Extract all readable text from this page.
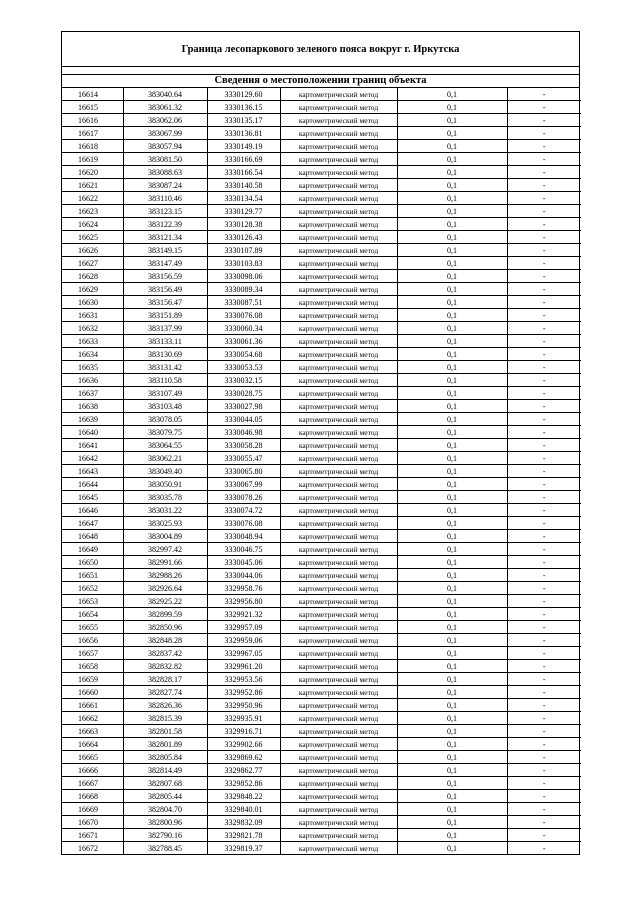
Граница лесопаркового зеленого пояса вокруг г. Иркутска
Сведения о местоположении границ объекта
16614	383040.64	3330129.60	картометрический метод	0,1	-
16615	383061.32	3330136.15	картометрический метод	0,1	-
16616	383062.06	3330135.17	картометрический метод	0,1	-
16617	383067.99	3330136.81	картометрический метод	0,1	-
16618	383057.94	3330149.19	картометрический метод	0,1	-
16619	383081.50	3330166.69	картометрический метод	0,1	-
16620	383088.63	3330166.54	картометрический метод	0,1	-
16621	383087.24	3330140.58	картометрический метод	0,1	-
16622	383110.46	3330134.54	картометрический метод	0,1	-
16623	383123.15	3330129.77	картометрический метод	0,1	-
16624	383122.39	3330128.38	картометрический метод	0,1	-
16625	383121.34	3330126.43	картометрический метод	0,1	-
16626	383149.15	3330107.89	картометрический метод	0,1	-
16627	383147.49	3330103.83	картометрический метод	0,1	-
16628	383156.59	3330098.06	картометрический метод	0,1	-
16629	383156.49	3330089.34	картометрический метод	0,1	-
16630	383156.47	3330087.51	картометрический метод	0,1	-
16631	383151.89	3330076.08	картометрический метод	0,1	-
16632	383137.99	3330060.34	картометрический метод	0,1	-
16633	383133.11	3330061.36	картометрический метод	0,1	-
16634	383130.69	3330054.68	картометрический метод	0,1	-
16635	383131.42	3330053.53	картометрический метод	0,1	-
16636	383110.58	3330032.15	картометрический метод	0,1	-
16637	383107.49	3330028.75	картометрический метод	0,1	-
16638	383103.48	3330027.98	картометрический метод	0,1	-
16639	383078.05	3330044.05	картометрический метод	0,1	-
16640	383079.75	3330046.98	картометрический метод	0,1	-
16641	383064.55	3330058.28	картометрический метод	0,1	-
16642	383062.21	3330055.47	картометрический метод	0,1	-
16643	383049.40	3330065.80	картометрический метод	0,1	-
16644	383050.91	3330067.99	картометрический метод	0,1	-
16645	383035.78	3330078.26	картометрический метод	0,1	-
16646	383031.22	3330074.72	картометрический метод	0,1	-
16647	383025.93	3330076.08	картометрический метод	0,1	-
16648	383004.89	3330048.94	картометрический метод	0,1	-
16649	382997.42	3330046.75	картометрический метод	0,1	-
16650	382991.66	3330045.06	картометрический метод	0,1	-
16651	382988.26	3330044.06	картометрический метод	0,1	-
16652	382926.64	3329958.76	картометрический метод	0,1	-
16653	382925.22	3329956.80	картометрический метод	0,1	-
16654	382899.59	3329921.32	картометрический метод	0,1	-
16655	382850.96	3329957.09	картометрический метод	0,1	-
16656	382848.28	3329959.06	картометрический метод	0,1	-
16657	382837.42	3329967.05	картометрический метод	0,1	-
16658	382832.82	3329961.20	картометрический метод	0,1	-
16659	382828.17	3329953.56	картометрический метод	0,1	-
16660	382827.74	3329952.86	картометрический метод	0,1	-
16661	382826.36	3329950.96	картометрический метод	0,1	-
16662	382815.39	3329935.91	картометрический метод	0,1	-
16663	382801.58	3329916.71	картометрический метод	0,1	-
16664	382801.89	3329902.66	картометрический метод	0,1	-
16665	382805.84	3329869.62	картометрический метод	0,1	-
16666	382814.49	3329862.77	картометрический метод	0,1	-
16667	382807.68	3329852.86	картометрический метод	0,1	-
16668	382805.44	3329848.22	картометрический метод	0,1	-
16669	382804.70	3329840.01	картометрический метод	0,1	-
16670	382800.96	3329832.09	картометрический метод	0,1	-
16671	382790.16	3329821.78	картометрический метод	0,1	-
16672	382788.45	3329819.37	картометрический метод	0,1	-
